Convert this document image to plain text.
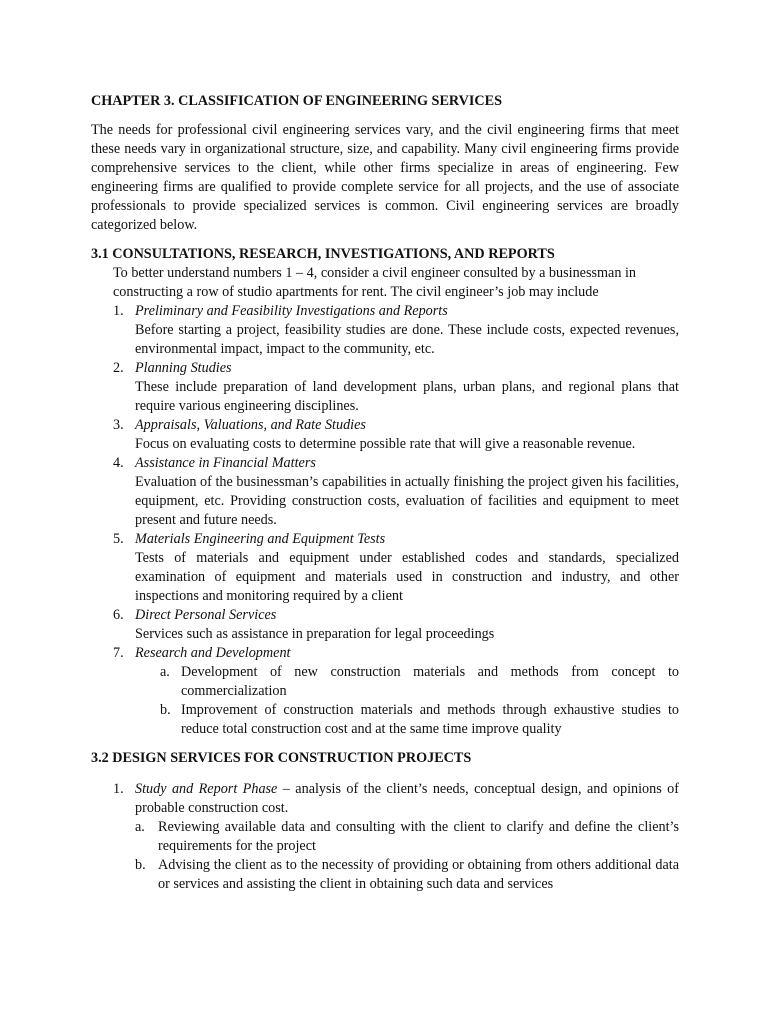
CHAPTER 3. CLASSIFICATION OF ENGINEERING SERVICES

The needs for professional civil engineering services vary, and the civil engineering firms that meet these needs vary in organizational structure, size, and capability. Many civil engineering firms provide comprehensive services to the client, while other firms specialize in areas of engineering. Few engineering firms are qualified to provide complete service for all projects, and the use of associate professionals to provide specialized services is common. Civil engineering services are broadly categorized below.

3.1 CONSULTATIONS, RESEARCH, INVESTIGATIONS, AND REPORTS

To better understand numbers 1 – 4, consider a civil engineer consulted by a businessman in constructing a row of studio apartments for rent. The civil engineer’s job may include

1. Preliminary and Feasibility Investigations and Reports
Before starting a project, feasibility studies are done. These include costs, expected revenues, environmental impact, impact to the community, etc.
2. Planning Studies
These include preparation of land development plans, urban plans, and regional plans that require various engineering disciplines.
3. Appraisals, Valuations, and Rate Studies
Focus on evaluating costs to determine possible rate that will give a reasonable revenue.
4. Assistance in Financial Matters
Evaluation of the businessman’s capabilities in actually finishing the project given his facilities, equipment, etc. Providing construction costs, evaluation of facilities and equipment to meet present and future needs.
5. Materials Engineering and Equipment Tests
Tests of materials and equipment under established codes and standards, specialized examination of equipment and materials used in construction and industry, and other inspections and monitoring required by a client
6. Direct Personal Services
Services such as assistance in preparation for legal proceedings
7. Research and Development
a. Development of new construction materials and methods from concept to commercialization
b. Improvement of construction materials and methods through exhaustive studies to reduce total construction cost and at the same time improve quality
3.2 DESIGN SERVICES FOR CONSTRUCTION PROJECTS
1. Study and Report Phase – analysis of the client’s needs, conceptual design, and opinions of probable construction cost.
a. Reviewing available data and consulting with the client to clarify and define the client’s requirements for the project
b. Advising the client as to the necessity of providing or obtaining from others additional data or services and assisting the client in obtaining such data and services
